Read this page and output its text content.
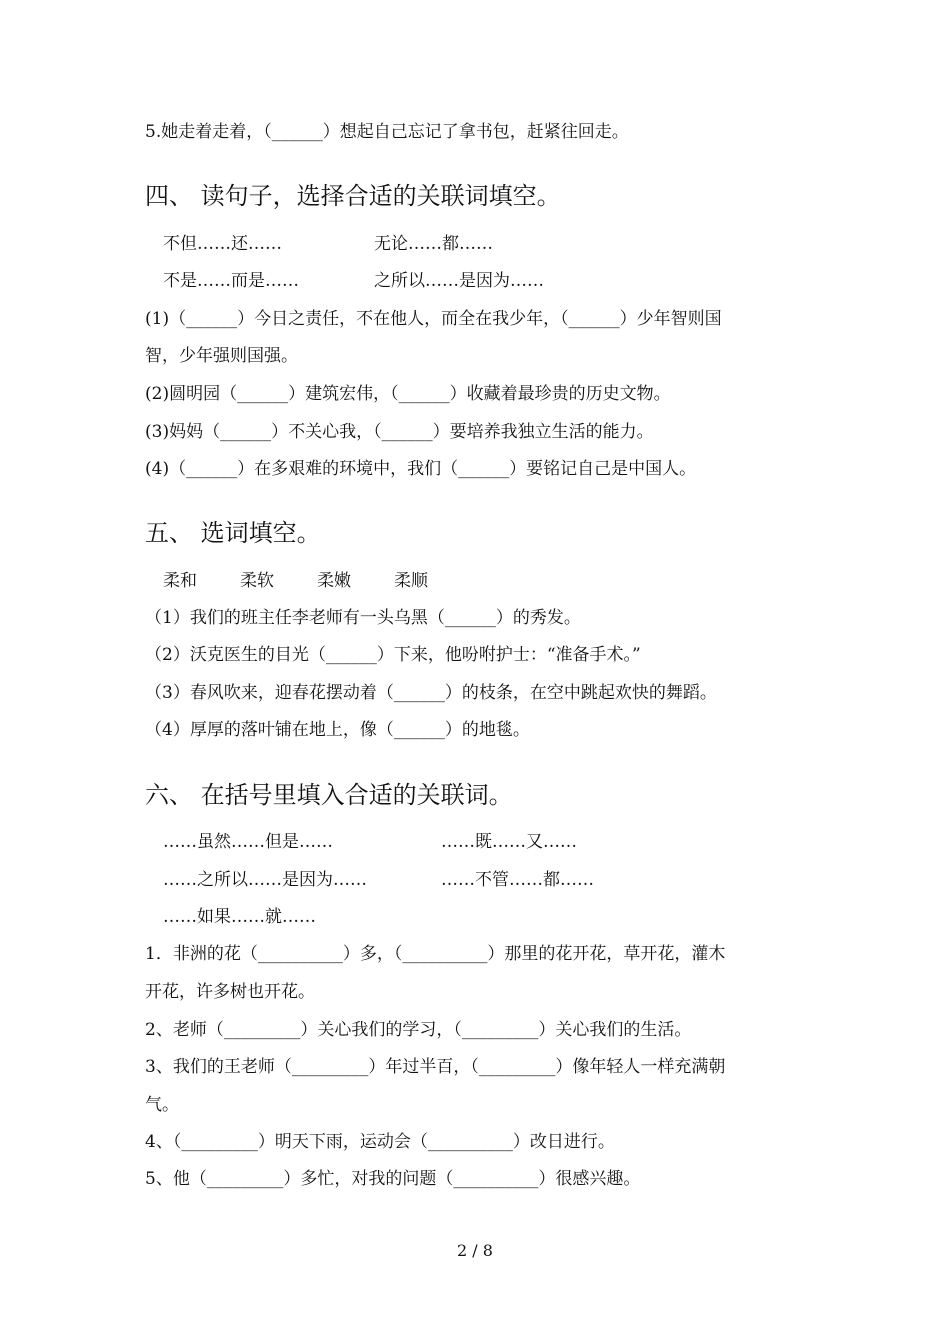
5.她走着走着，（______）想起自己忘记了拿书包，赶紧往回走。
四、 读句子，选择合适的关联词填空。
不但……还……	无论……都……
不是……而是……	之所以……是因为……
(1)（______）今日之责任，不在他人，而全在我少年，（______）少年智则国
智，少年强则国强。
(2)圆明园（______）建筑宏伟，（______）收藏着最珍贵的历史文物。
(3)妈妈（______）不关心我，（______）要培养我独立生活的能力。
(4)（______）在多艰难的环境中，我们（______）要铭记自己是中国人。
五、 选词填空。
柔和	柔软	柔嫩	柔顺
（1）我们的班主任李老师有一头乌黑（______）的秀发。
（2）沃克医生的目光（______）下来，他吩咐护士：“准备手术。”
（3）春风吹来，迎春花摆动着（______）的枝条，在空中跳起欢快的舞蹈。
（4）厚厚的落叶铺在地上，像（______）的地毯。
六、 在括号里填入合适的关联词。
……虽然……但是……	……既……又……
……之所以……是因为……	……不管……都……
……如果……就……
1．非洲的花（__________）多，（__________）那里的花开花，草开花，灌木
开花，许多树也开花。
2、老师（_________）关心我们的学习，（_________）关心我们的生活。
3、我们的王老师（_________）年过半百，（_________）像年轻人一样充满朝
气。
4、（_________）明天下雨，运动会（__________）改日进行。
5、他（_________）多忙，对我的问题（__________）很感兴趣。
2 / 8
